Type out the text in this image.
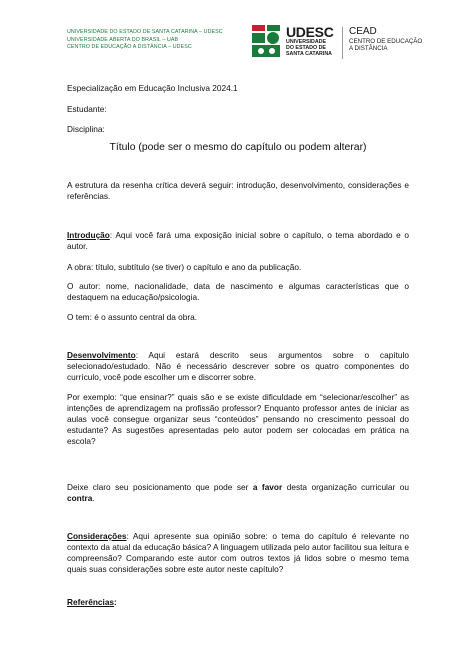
UNIVERSIDADE DO ESTADO DE SANTA CATARINA – UDESC
UNIVERSIDADE ABERTA DO BRASIL – UAB
CENTRO DE EDUCAÇÃO A DISTÂNCIA – UDESC
UDESC
UNIVERSIDADE
DO ESTADO DE
SANTA CATARINA
CEAD
CENTRO DE EDUCAÇÃO
A DISTÂNCIA
Especialização em Educação Inclusiva 2024.1
Estudante:
Disciplina:
Título (pode ser o mesmo do capítulo ou podem alterar)
A estrutura da resenha crítica deverá seguir: introdução, desenvolvimento, considerações e referências.
Introdução: Aqui você fará uma exposição inicial sobre o capítulo, o tema abordado e o autor.
A obra: título, subtítulo (se tiver) o capítulo e ano da publicação.
O autor: nome, nacionalidade, data de nascimento e algumas características que o destaquem na educação/psicologia.
O tem: é o assunto central da obra.
Desenvolvimento: Aqui estará descrito seus argumentos sobre o capítulo selecionado/estudado. Não é necessário descrever sobre os quatro componentes do currículo, você pode escolher um e discorrer sobre.
Por exemplo: “que ensinar?” quais são e se existe dificuldade em “selecionar/escolher” as intenções de aprendizagem na profissão professor? Enquanto professor antes de iniciar as aulas você consegue organizar seus “conteúdos” pensando no crescimento pessoal do estudante? As sugestões apresentadas pelo autor podem ser colocadas em prática na escola?
Deixe claro seu posicionamento que pode ser a favor desta organização curricular ou contra.
Considerações: Aqui apresente sua opinião sobre: o tema do capítulo é relevante no contexto da atual da educação básica? A linguagem utilizada pelo autor facilitou sua leitura e compreensão? Comparando este autor com outros textos já lidos sobre o mesmo tema quais suas considerações sobre este autor neste capítulo?
Referências:
